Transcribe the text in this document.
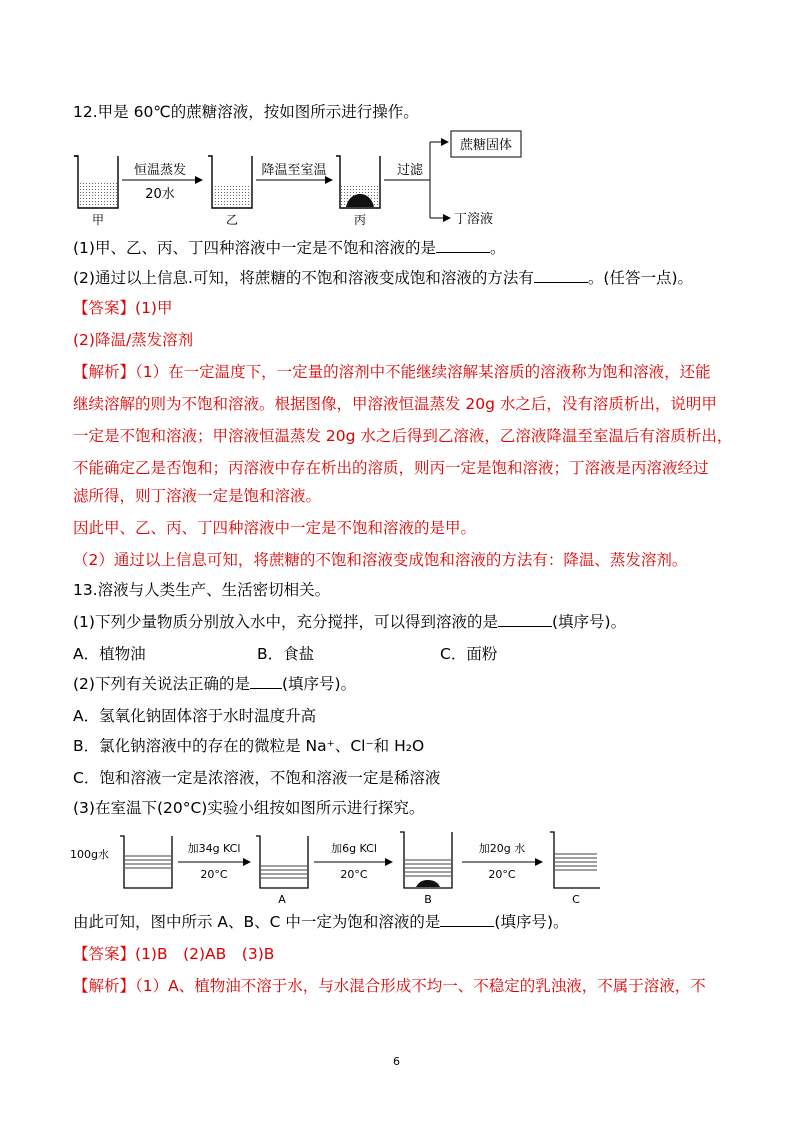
12.甲是 60℃的蔗糖溶液，按如图所示进行操作。
甲
恒温蒸发
20水
乙
降温至室温
丙
过滤
蔗糖固体
丁溶液
(1)甲、乙、丙、丁四种溶液中一定是不饱和溶液的是	。
(2)通过以上信息.可知，将蔗糖的不饱和溶液变成饱和溶液的方法有	。(任答一点)。
【答案】(1)甲
(2)降温/蒸发溶剂
【解析】（1）在一定温度下，一定量的溶剂中不能继续溶解某溶质的溶液称为饱和溶液，还能
继续溶解的则为不饱和溶液。根据图像，甲溶液恒温蒸发 20g 水之后，没有溶质析出，说明甲
一定是不饱和溶液；甲溶液恒温蒸发 20g 水之后得到乙溶液，乙溶液降温至室温后有溶质析出，
不能确定乙是否饱和；丙溶液中存在析出的溶质，则丙一定是饱和溶液；丁溶液是丙溶液经过
滤所得，则丁溶液一定是饱和溶液。
因此甲、乙、丙、丁四种溶液中一定是不饱和溶液的是甲。
（2）通过以上信息可知，将蔗糖的不饱和溶液变成饱和溶液的方法有：降温、蒸发溶剂。
13.溶液与人类生产、生活密切相关。
(1)下列少量物质分别放入水中，充分搅拌，可以得到溶液的是	(填序号)。
A．植物油	B．食盐	C．面粉
(2)下列有关说法正确的是 (填序号)。
A．氢氧化钠固体溶于水时温度升高
B．氯化钠溶液中的存在的微粒是 Na⁺、Cl⁻和 H₂O
C．饱和溶液一定是浓溶液，不饱和溶液一定是稀溶液
(3)在室温下(20°C)实验小组按如图所示进行探究。
100g水	加34g KCl
20°C
A
加6g KCl
20°C
B
加20g 水
20°C
C
由此可知，图中所示 A、B、C 中一定为饱和溶液的是	(填序号)。
【答案】(1)B　(2)AB　(3)B
【解析】（1）A、植物油不溶于水，与水混合形成不均一、不稳定的乳浊液，不属于溶液，不
6
